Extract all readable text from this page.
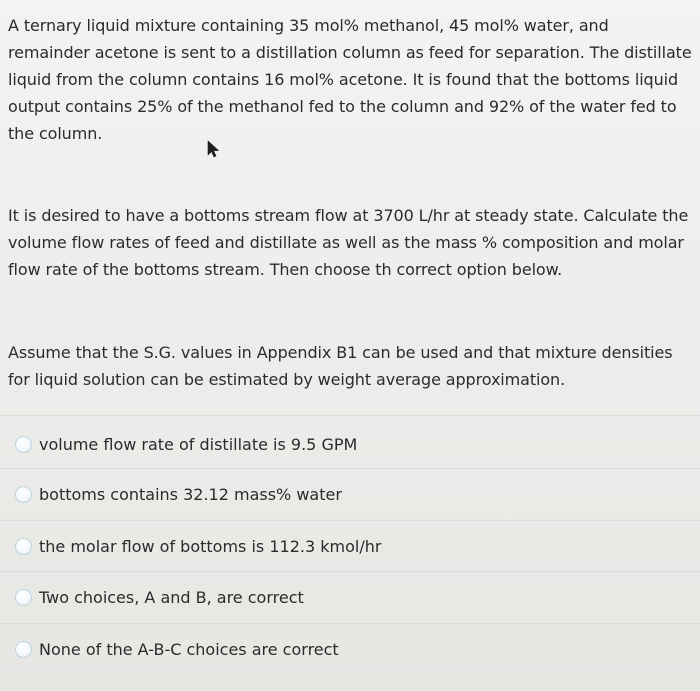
A ternary liquid mixture containing 35 mol% methanol, 45 mol% water, and remainder acetone is sent to a distillation column as feed for separation. The distillate liquid from the column contains 16 mol% acetone. It is found that the bottoms liquid output contains 25% of the methanol fed to the column and 92% of the water fed to the column.
It is desired to have a bottoms stream flow at 3700 L/hr at steady state. Calculate the volume flow rates of feed and distillate as well as the mass % composition and molar flow rate of the bottoms stream. Then choose th correct option below.
Assume that the S.G. values in Appendix B1 can be used and that mixture densities for liquid solution can be estimated by weight average approximation.
volume flow rate of distillate is 9.5 GPM
bottoms contains 32.12 mass% water
the molar flow of bottoms is 112.3 kmol/hr
Two choices, A and B, are correct
None of the A-B-C choices are correct
